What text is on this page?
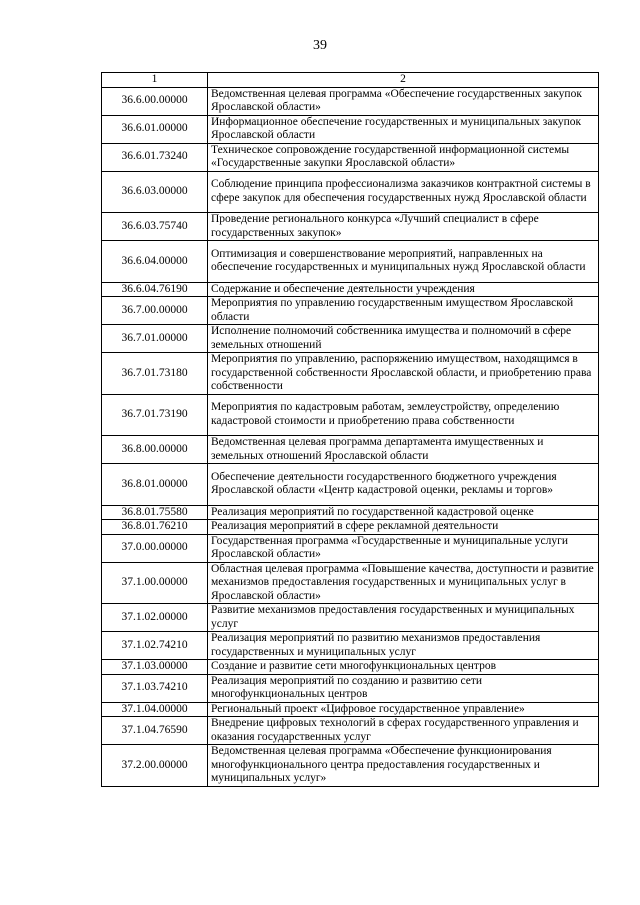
39
1	2
36.6.00.00000	Ведомственная целевая программа «Обеспечение государственных закупок Ярославской области»
36.6.01.00000	Информационное обеспечение государственных и муниципальных закупок Ярославской области
36.6.01.73240	Техническое сопровождение государственной информационной системы «Государственные закупки Ярославской области»
36.6.03.00000	Соблюдение принципа профессионализма заказчиков контрактной системы в сфере закупок для обеспечения государственных нужд Ярославской области
36.6.03.75740	Проведение регионального конкурса «Лучший специалист в сфере государственных закупок»
36.6.04.00000	Оптимизация и совершенствование мероприятий, направленных на обеспечение государственных и муниципальных нужд Ярославской области
36.6.04.76190	Содержание и обеспечение деятельности учреждения
36.7.00.00000	Мероприятия по управлению государственным имуществом Ярославской области
36.7.01.00000	Исполнение полномочий собственника имущества и полномочий в сфере земельных отношений
36.7.01.73180	Мероприятия по управлению, распоряжению имуществом, находящимся в государственной собственности Ярославской области, и приобретению права собственности
36.7.01.73190	Мероприятия по кадастровым работам, землеустройству, определению кадастровой стоимости и приобретению права собственности
36.8.00.00000	Ведомственная целевая программа департамента имущественных и земельных отношений Ярославской области
36.8.01.00000	Обеспечение деятельности государственного бюджетного учреждения Ярославской области «Центр кадастровой оценки, рекламы и торгов»
36.8.01.75580	Реализация мероприятий по государственной кадастровой оценке
36.8.01.76210	Реализация мероприятий в сфере рекламной деятельности
37.0.00.00000	Государственная программа «Государственные и муниципальные услуги Ярославской области»
37.1.00.00000	Областная целевая программа «Повышение качества, доступности и развитие механизмов предоставления государственных и муниципальных услуг в Ярославской области»
37.1.02.00000	Развитие механизмов предоставления государственных и муниципальных услуг
37.1.02.74210	Реализация мероприятий по развитию механизмов предоставления государственных и муниципальных услуг
37.1.03.00000	Создание и развитие сети многофункциональных центров
37.1.03.74210	Реализация мероприятий по созданию и развитию сети многофункциональных центров
37.1.04.00000	Региональный проект «Цифровое государственное управление»
37.1.04.76590	Внедрение цифровых технологий в сферах государственного управления и оказания государственных услуг
37.2.00.00000	Ведомственная целевая программа «Обеспечение функционирования многофункционального центра предоставления государственных и муниципальных услуг»
